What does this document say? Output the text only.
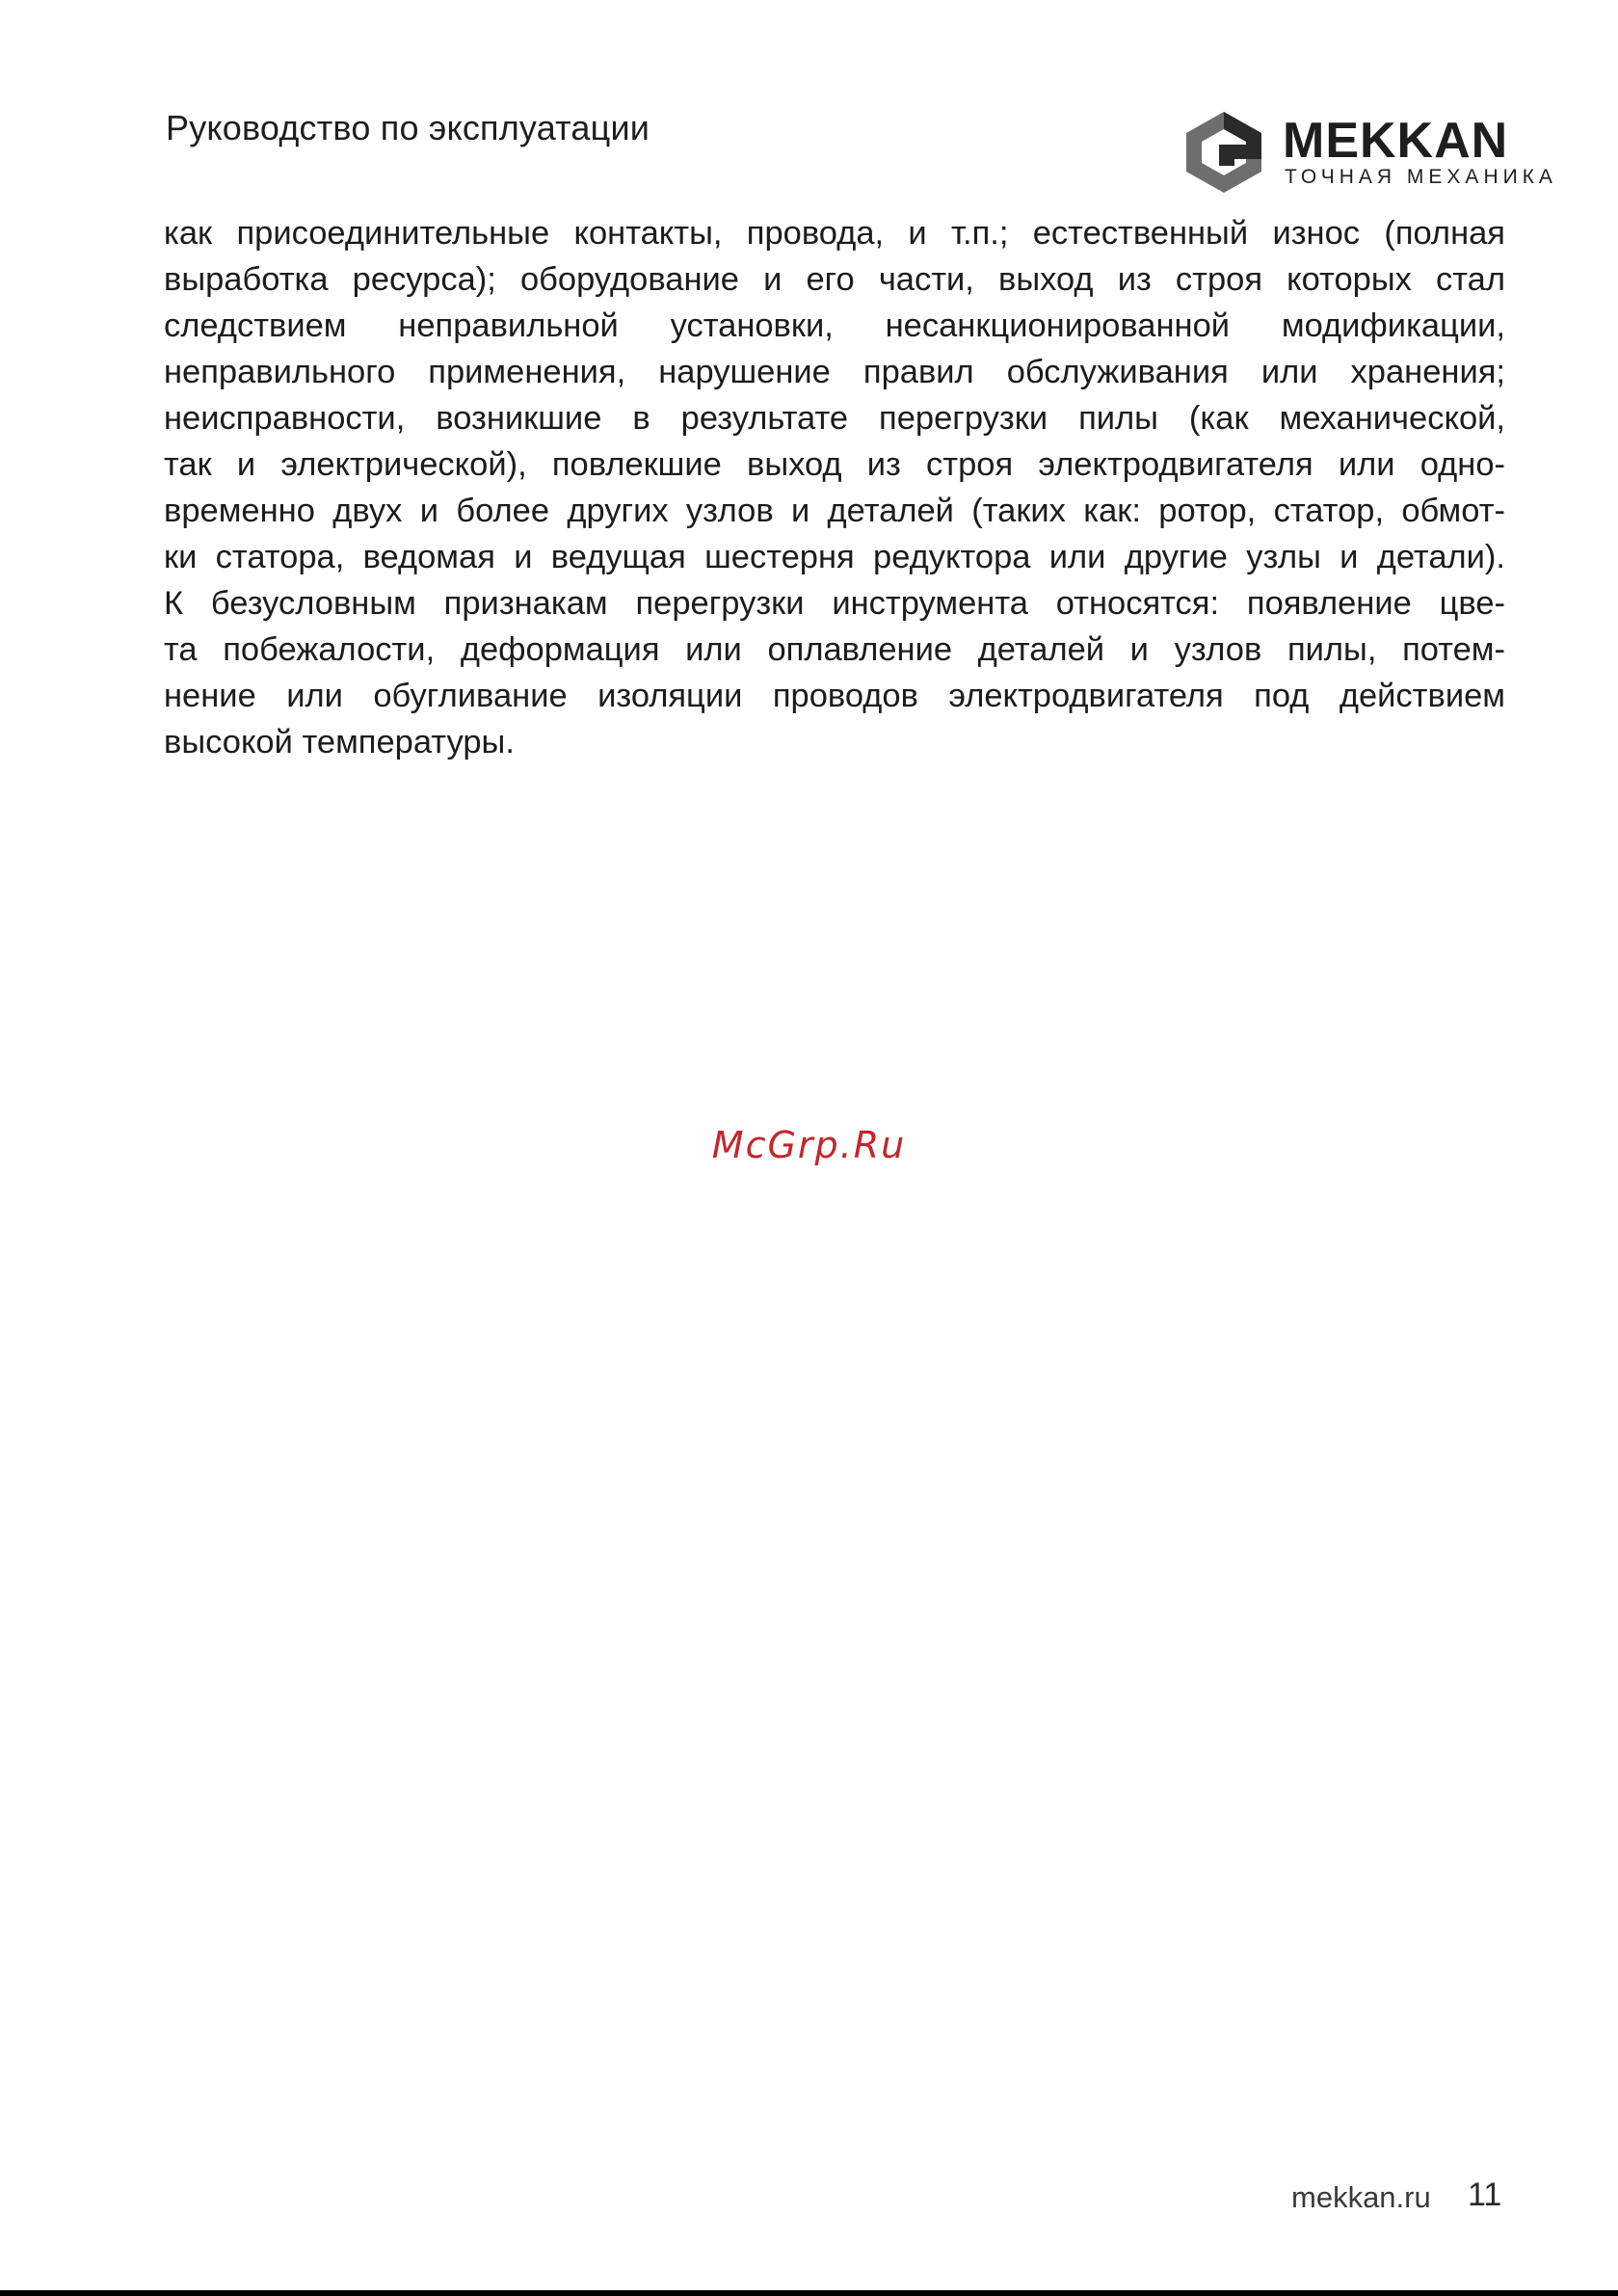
Руководство по эксплуатации	MEKKAN
ТОЧНАЯ МЕХАНИКА
как присоединительные контакты, провода, и т.п.; естественный износ (полная
выработка ресурса); оборудование и его части, выход из строя которых стал
следствием неправильной установки, несанкционированной модификации,
неправильного применения, нарушение правил обслуживания или хранения;
неисправности, возникшие в результате перегрузки пилы (как механической,
так и электрической), повлекшие выход из строя электродвигателя или одно-
временно двух и более других узлов и деталей (таких как: ротор, статор, обмот-
ки статора, ведомая и ведущая шестерня редуктора или другие узлы и детали).
К безусловным признакам перегрузки инструмента относятся: появление цве-
та побежалости, деформация или оплавление деталей и узлов пилы, потем-
нение или обугливание изоляции проводов электродвигателя под действием
высокой температуры.
McGrp.Ru
mekkan.ru 11
